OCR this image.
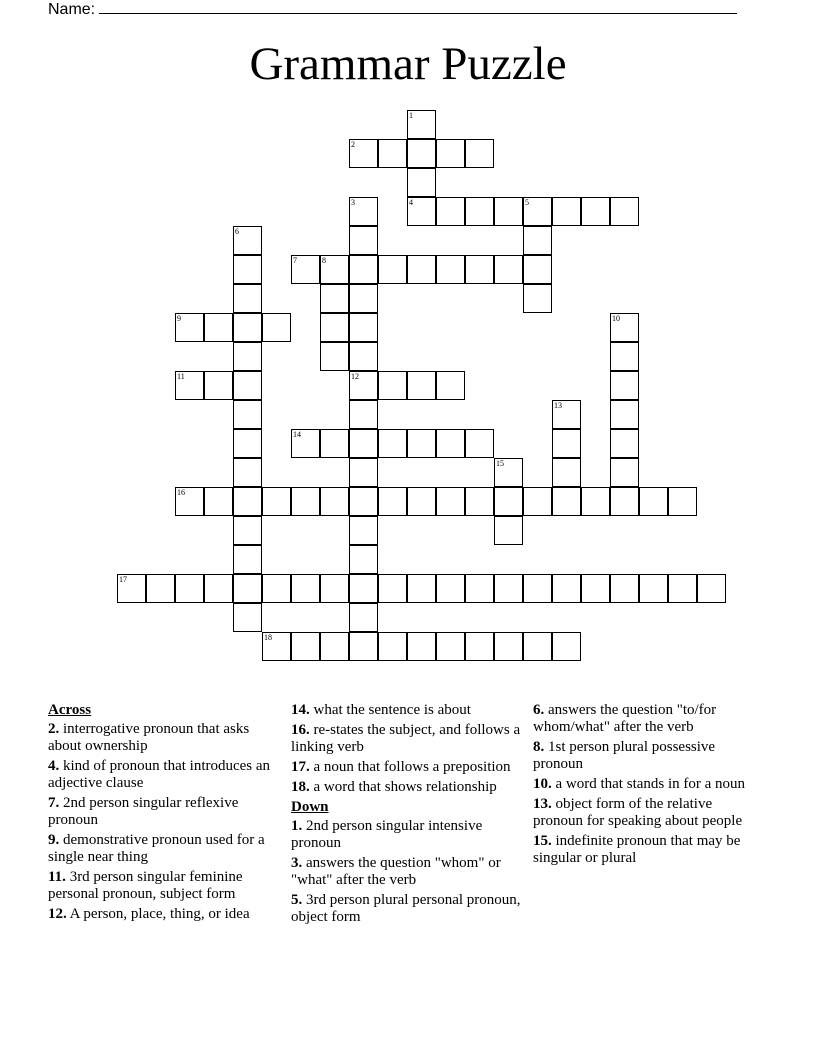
Name:
Grammar Puzzle
1
4
2
3
12
5
6
7	8
9	10
11
13
14
15
16
17
18
Across
2. interrogative pronoun that asks about ownership
4. kind of pronoun that introduces an adjective clause
7. 2nd person singular reflexive pronoun
9. demonstrative pronoun used for a single near thing
11. 3rd person singular feminine personal pronoun, subject form
12. A person, place, thing, or idea
14. what the sentence is about
16. re-states the subject, and follows a linking verb
17. a noun that follows a preposition
18. a word that shows relationship
Down
1. 2nd person singular intensive pronoun
3. answers the question "whom" or "what" after the verb
5. 3rd person plural personal pronoun, object form
6. answers the question "to/for whom/what" after the verb
8. 1st person plural possessive pronoun
10. a word that stands in for a noun
13. object form of the relative pronoun for speaking about people
15. indefinite pronoun that may be singular or plural
